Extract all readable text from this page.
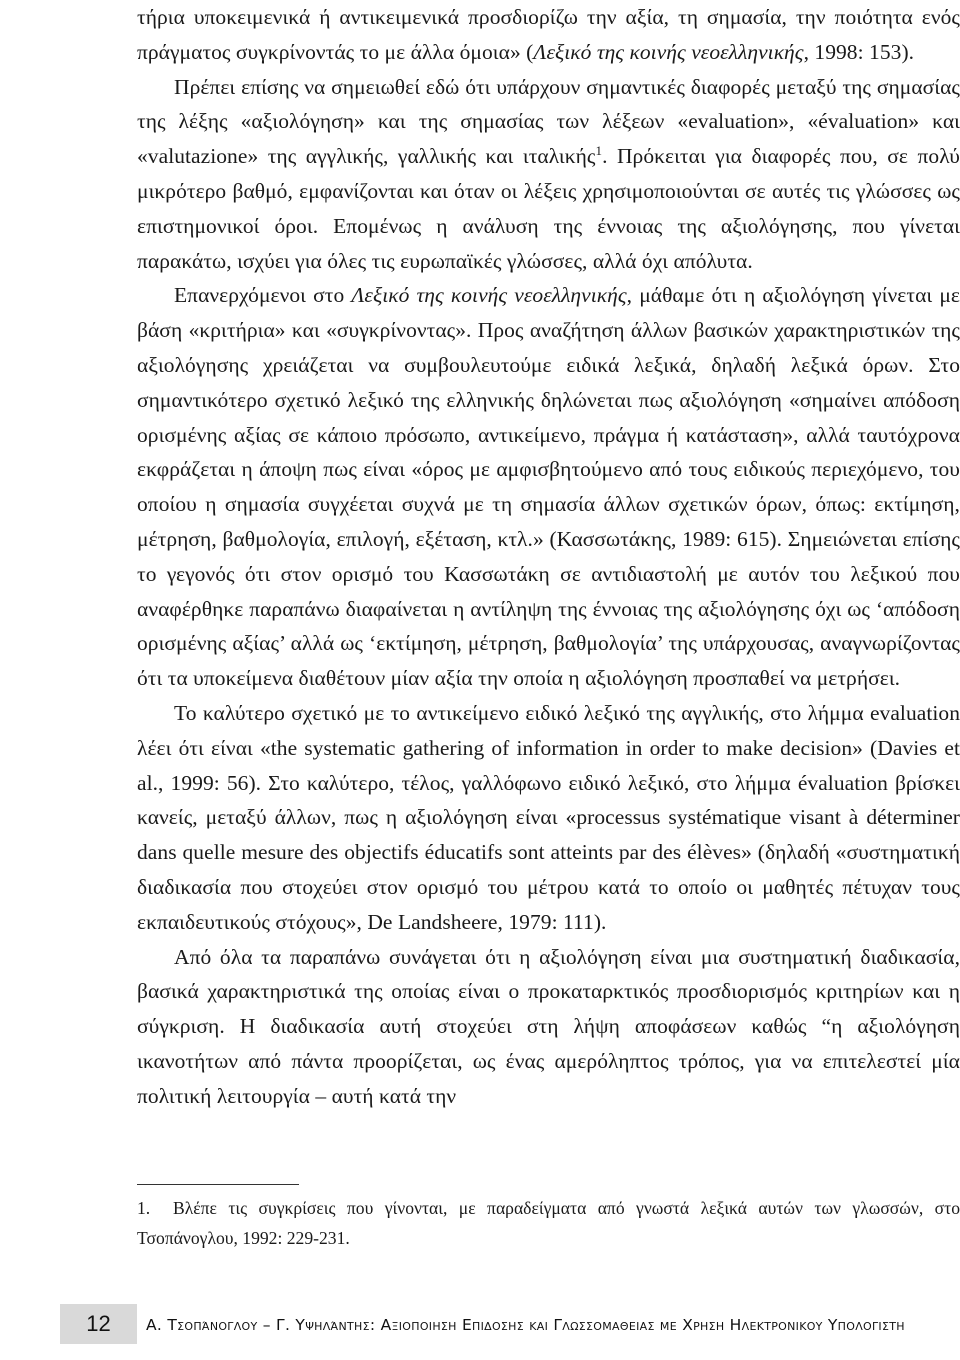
τήρια υποκειμενικά ή αντικειμενικά προσδιορίζω την αξία, τη σημασία, την ποιότητα ενός πράγματος συγκρίνοντάς το με άλλα όμοια» (Λεξικό της κοινής νεοελληνικής, 1998: 153).

Πρέπει επίσης να σημειωθεί εδώ ότι υπάρχουν σημαντικές διαφορές μεταξύ της σημασίας της λέξης «αξιολόγηση» και της σημασίας των λέξεων «evaluation», «évaluation» και «valutazione» της αγγλικής, γαλλικής και ιταλικής$^1$. Πρόκειται για διαφορές που, σε πολύ μικρότερο βαθμό, εμφανίζονται και όταν οι λέξεις χρησιμοποιούνται σε αυτές τις γλώσσες ως επιστημονικοί όροι. Επομένως η ανάλυση της έννοιας της αξιολόγησης, που γίνεται παρακάτω, ισχύει για όλες τις ευρωπαϊκές γλώσσες, αλλά όχι απόλυτα.

Επανερχόμενοι στο Λεξικό της κοινής νεοελληνικής, μάθαμε ότι η αξιολόγηση γίνεται με βάση «κριτήρια» και «συγκρίνοντας». Προς αναζήτηση άλλων βασικών χαρακτηριστικών της αξιολόγησης χρειάζεται να συμβουλευτούμε ειδικά λεξικά, δηλαδή λεξικά όρων. Στο σημαντικότερο σχετικό λεξικό της ελληνικής δηλώνεται πως αξιολόγηση «σημαίνει απόδοση ορισμένης αξίας σε κάποιο πρόσωπο, αντικείμενο, πράγμα ή κατάσταση», αλλά ταυτόχρονα εκφράζεται η άποψη πως είναι «όρος με αμφισβητούμενο από τους ειδικούς περιεχόμενο, του οποίου η σημασία συγχέεται συχνά με τη σημασία άλλων σχετικών όρων, όπως: εκτίμηση, μέτρηση, βαθμολογία, επιλογή, εξέταση, κτλ.» (Κασσωτάκης, 1989: 615). Σημειώνεται επίσης το γεγονός ότι στον ορισμό του Κασσωτάκη σε αντιδιαστολή με αυτόν του λεξικού που αναφέρθηκε παραπάνω διαφαίνεται η αντίληψη της έννοιας της αξιολόγησης όχι ως ‘απόδοση ορισμένης αξίας’ αλλά ως ‘εκτίμηση, μέτρηση, βαθμολογία’ της υπάρχουσας, αναγνωρίζοντας ότι τα υποκείμενα διαθέτουν μίαν αξία την οποία η αξιολόγηση προσπαθεί να μετρήσει.

Το καλύτερο σχετικό με το αντικείμενο ειδικό λεξικό της αγγλικής, στο λήμμα evaluation λέει ότι είναι «the systematic gathering of information in order to make decision» (Davies et al., 1999: 56). Στο καλύτερο, τέλος, γαλλόφωνο ειδικό λεξικό, στο λήμμα évaluation βρίσκει κανείς, μεταξύ άλλων, πως η αξιολόγηση είναι «processus systématique visant à déterminer dans quelle mesure des objectifs éducatifs sont atteints par des élèves» (δηλαδή «συστηματική διαδικασία που στοχεύει στον ορισμό του μέτρου κατά το οποίο οι μαθητές πέτυχαν τους εκπαιδευτικούς στόχους», De Landsheere, 1979: 111).

Από όλα τα παραπάνω συνάγεται ότι η αξιολόγηση είναι μια συστηματική διαδικασία, βασικά χαρακτηριστικά της οποίας είναι ο προκαταρκτικός προσδιορισμός κριτηρίων και η σύγκριση. Η διαδικασία αυτή στοχεύει στη λήψη αποφάσεων καθώς “η αξιολόγηση ικανοτήτων από πάντα προορίζεται, ως ένας αμερόληπτος τρόπος, για να επιτελεστεί μία πολιτική λειτουργία – αυτή κατά την

1. Βλέπε τις συγκρίσεις που γίνονται, με παραδείγματα από γνωστά λεξικά αυτών των γλωσσών, στο Τσοπάνογλου, 1992: 229-231.

12	Α. Τσοπάνογλου – Γ. Υψηλάντης: Αξιοποιηση Επιδοσης και Γλωσσομαθειας με Χρηση Ηλεκτρονικου Υπολογιστη
